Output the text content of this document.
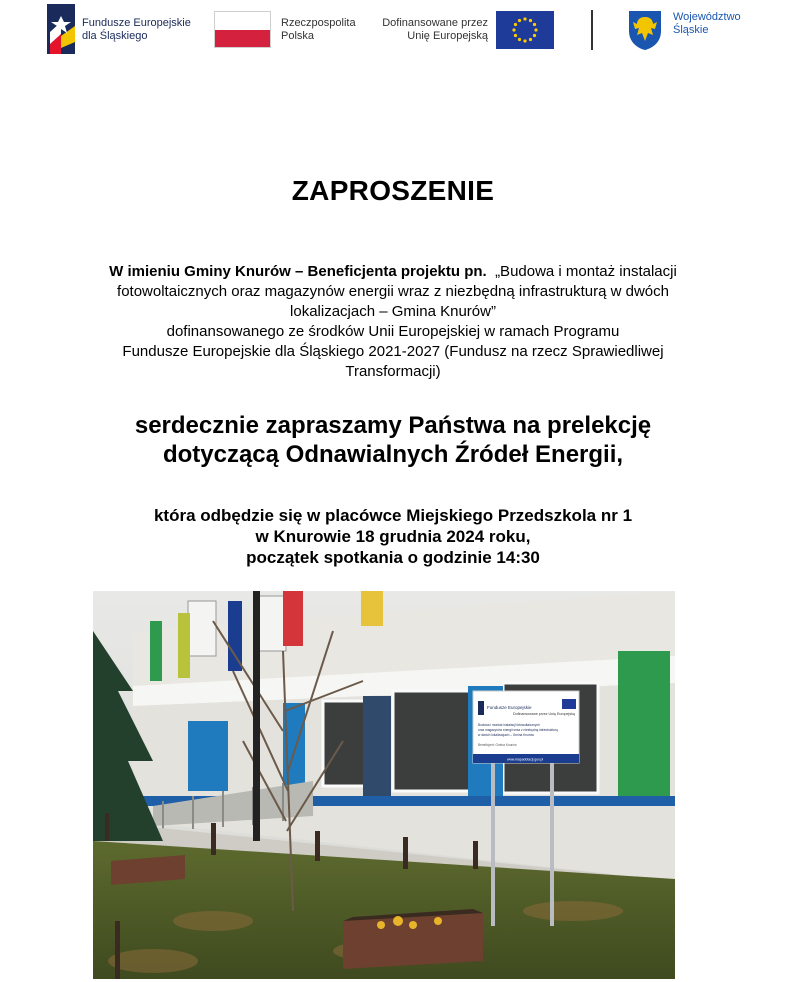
Fundusze Europejskie
dla Śląskiego
Rzeczpospolita
Polska
Dofinansowane przez
Unię Europejską
Województwo
Śląskie
ZAPROSZENIE
W imieniu Gminy Knurów – Beneficjenta projektu pn. „Budowa i montaż instalacji
fotowoltaicznych oraz magazynów energii wraz z niezbędną infrastrukturą w dwóch
lokalizacjach – Gmina Knurów”
dofinansowanego ze środków Unii Europejskiej w ramach Programu
Fundusze Europejskie dla Śląskiego 2021-2027 (Fundusz na rzecz Sprawiedliwej
Transformacji)
serdecznie zapraszamy Państwa na prelekcję
dotyczącą Odnawialnych Źródeł Energii,
która odbędzie się w placówce Miejskiego Przedszkola nr 1
w Knurowie 18 grudnia 2024 roku,
początek spotkania o godzinie 14:30
Fundusze Europejskie
Dofinansowane przez Unię Europejską
Budowa i montaż instalacji fotowoltaicznych
oraz magazynów energii wraz z niezbędną infrastrukturą
w dwóch lokalizacjach – Gmina Knurów
Beneficjent: Gmina Knurów
www.mapadotacji.gov.pl
